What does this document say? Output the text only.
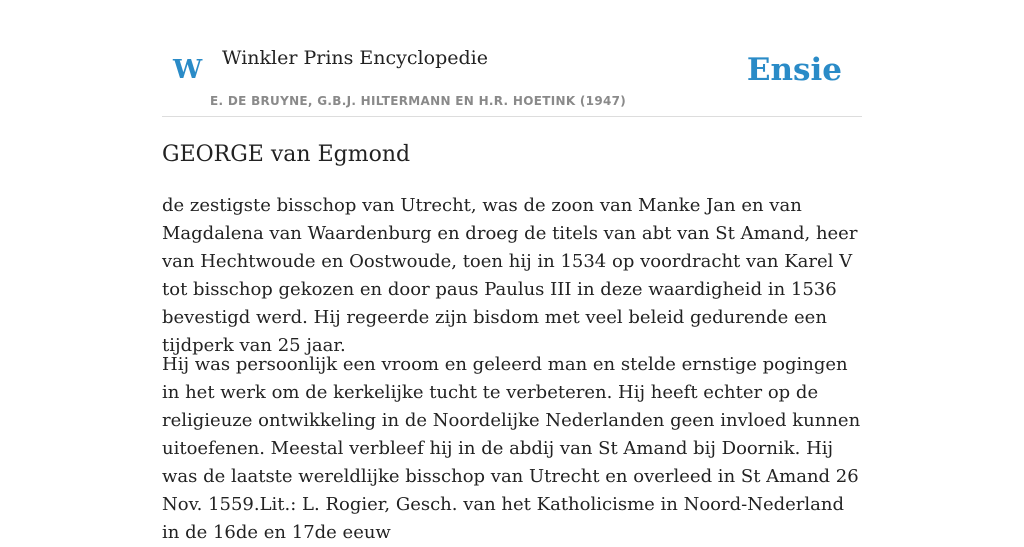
W Winkler Prins Encyclopedie	Ensie
E. DE BRUYNE, G.B.J. HILTERMANN EN H.R. HOETINK (1947)
GEORGE van Egmond

de zestigste bisschop van Utrecht, was de zoon van Manke Jan en van Magdalena van Waardenburg en droeg de titels van abt van St Amand, heer van Hechtwoude en Oostwoude, toen hij in 1534 op voordracht van Karel V tot bisschop gekozen en door paus Paulus III in deze waardigheid in 1536 bevestigd werd. Hij regeerde zijn bisdom met veel beleid gedurende een tijdperk van 25 jaar.

Hij was persoonlijk een vroom en geleerd man en stelde ernstige pogingen in het werk om de kerkelijke tucht te verbeteren. Hij heeft echter op de religieuze ontwikkeling in de Noordelijke Nederlanden geen invloed kunnen uitoefenen. Meestal verbleef hij in de abdij van St Amand bij Doornik. Hij was de laatste wereldlijke bisschop van Utrecht en overleed in St Amand 26 Nov. 1559.Lit.: L. Rogier, Gesch. van het Katholicisme in Noord-Nederland in de 16de en 17de eeuw
